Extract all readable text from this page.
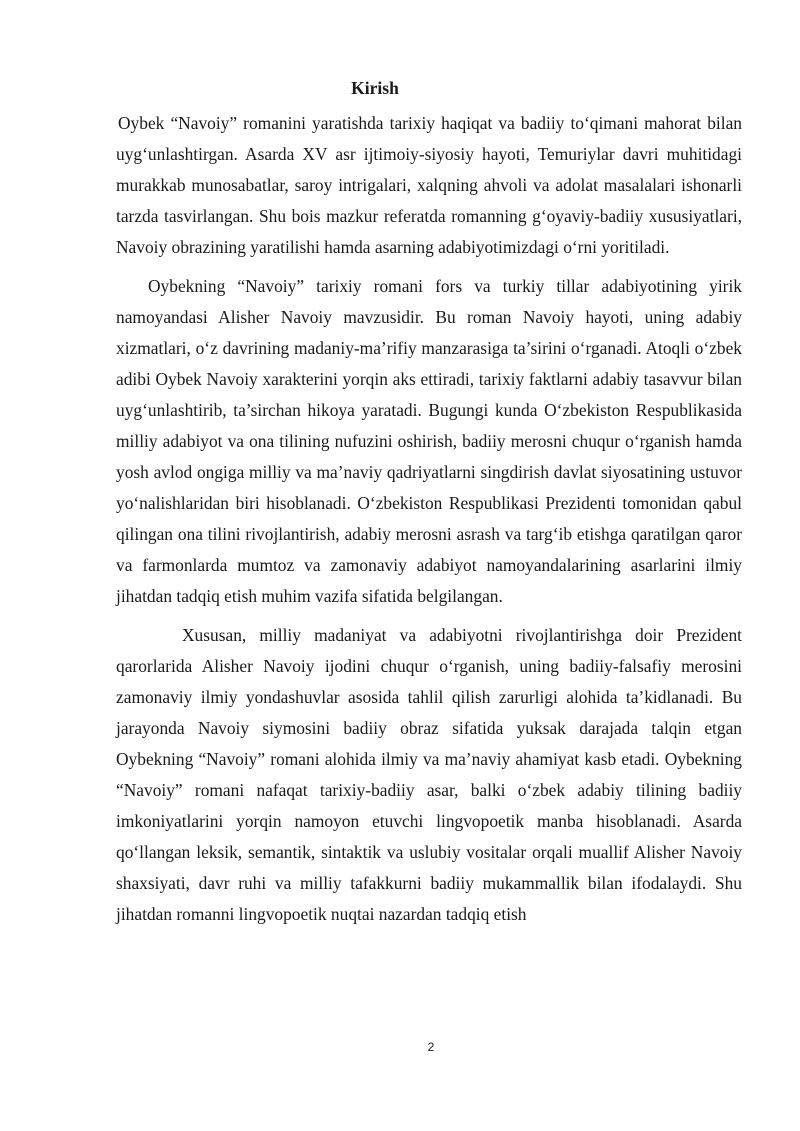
Kirish

Oybek “Navoiy” romanini yaratishda tarixiy haqiqat va badiiy to‘qimani mahorat bilan uyg‘unlashtirgan. Asarda XV asr ijtimoiy-siyosiy hayoti, Temuriylar davri muhitidagi murakkab munosabatlar, saroy intrigalari, xalqning ahvoli va adolat masalalari ishonarli tarzda tasvirlangan. Shu bois mazkur referatda romanning g‘oyaviy-badiiy xususiyatlari, Navoiy obrazining yaratilishi hamda asarning adabiyotimizdagi o‘rni yoritiladi.

Oybekning “Navoiy” tarixiy romani fors va turkiy tillar adabiyotining yirik namoyandasi Alisher Navoiy mavzusidir. Bu roman Navoiy hayoti, uning adabiy xizmatlari, o‘z davrining madaniy-ma’rifiy manzarasiga ta’sirini o‘rganadi. Atoqli o‘zbek adibi Oybek Navoiy xarakterini yorqin aks ettiradi, tarixiy faktlarni adabiy tasavvur bilan uyg‘unlashtirib, ta’sirchan hikoya yaratadi. Bugungi kunda O‘zbekiston Respublikasida milliy adabiyot va ona tilining nufuzini oshirish, badiiy merosni chuqur o‘rganish hamda yosh avlod ongiga milliy va ma’naviy qadriyatlarni singdirish davlat siyosatining ustuvor yo‘nalishlaridan biri hisoblanadi. O‘zbekiston Respublikasi Prezidenti tomonidan qabul qilingan ona tilini rivojlantirish, adabiy merosni asrash va targ‘ib etishga qaratilgan qaror va farmonlarda mumtoz va zamonaviy adabiyot namoyandalarining asarlarini ilmiy jihatdan tadqiq etish muhim vazifa sifatida belgilangan.

Xususan, milliy madaniyat va adabiyotni rivojlantirishga doir Prezident qarorlarida Alisher Navoiy ijodini chuqur o‘rganish, uning badiiy-falsafiy merosini zamonaviy ilmiy yondashuvlar asosida tahlil qilish zarurligi alohida ta’kidlanadi. Bu jarayonda Navoiy siymosini badiiy obraz sifatida yuksak darajada talqin etgan Oybekning “Navoiy” romani alohida ilmiy va ma’naviy ahamiyat kasb etadi. Oybekning “Navoiy” romani nafaqat tarixiy-badiiy asar, balki o‘zbek adabiy tilining badiiy imkoniyatlarini yorqin namoyon etuvchi lingvopoetik manba hisoblanadi. Asarda qo‘llangan leksik, semantik, sintaktik va uslubiy vositalar orqali muallif Alisher Navoiy shaxsiyati, davr ruhi va milliy tafakkurni badiiy mukammallik bilan ifodalaydi. Shu jihatdan romanni lingvopoetik nuqtai nazardan tadqiq etish

2
